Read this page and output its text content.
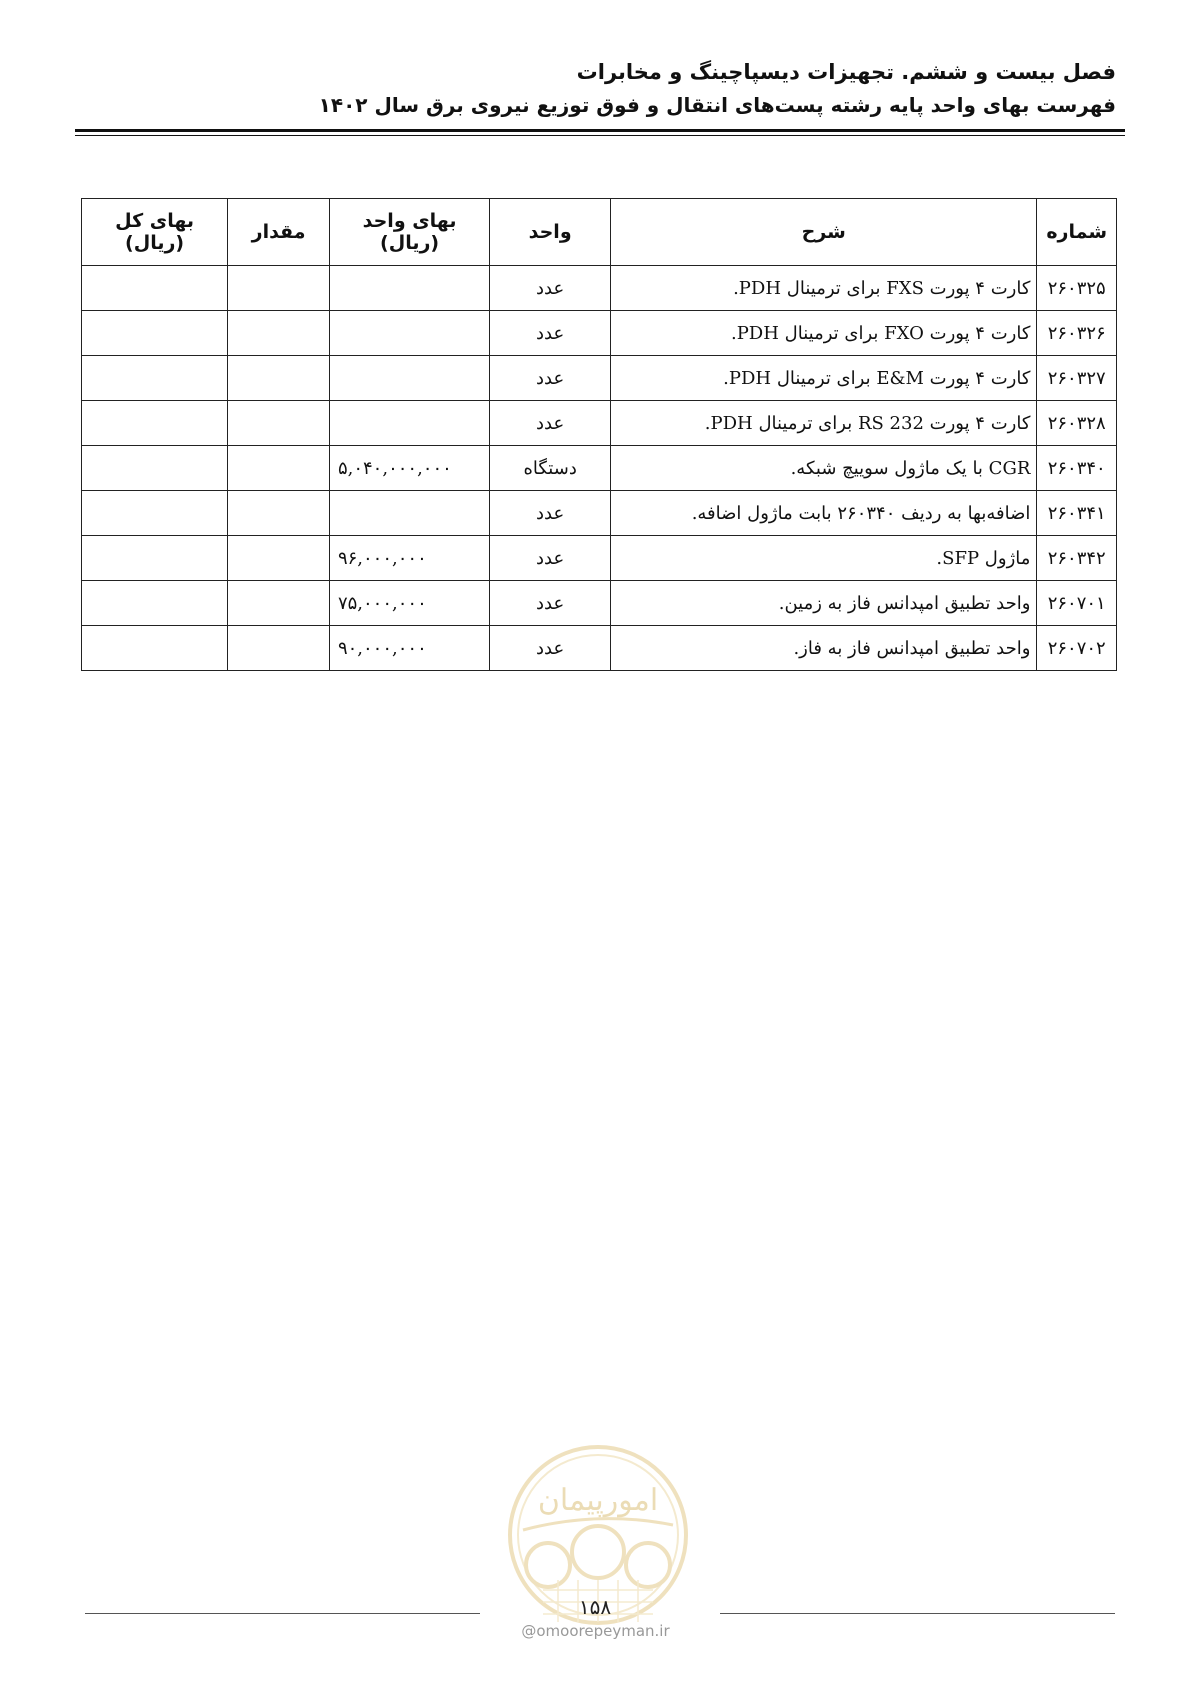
فصل بیست و ششم. تجهیزات دیسپاچینگ و مخابرات
فهرست بهای واحد پایه رشته پست‌های انتقال و فوق توزیع نیروی برق سال ۱۴۰۲
شماره	شرح	واحد	بهای واحد (ریال)	مقدار	بهای کل (ریال)
۲۶۰۳۲۵	کارت ۴ پورت FXS برای ترمینال PDH.	عدد			
۲۶۰۳۲۶	کارت ۴ پورت FXO برای ترمینال PDH.	عدد			
۲۶۰۳۲۷	کارت ۴ پورت E&M برای ترمینال PDH.	عدد			
۲۶۰۳۲۸	کارت ۴ پورت RS 232 برای ترمینال PDH.	عدد			
۲۶۰۳۴۰	CGR با یک ماژول سوییچ شبکه.	دستگاه	۵,۰۴۰,۰۰۰,۰۰۰		
۲۶۰۳۴۱	اضافه‌بها به ردیف ۲۶۰۳۴۰ بابت ماژول اضافه.	عدد			
۲۶۰۳۴۲	ماژول SFP.	عدد	۹۶,۰۰۰,۰۰۰		
۲۶۰۷۰۱	واحد تطبیق امپدانس فاز به زمین.	عدد	۷۵,۰۰۰,۰۰۰		
۲۶۰۷۰۲	واحد تطبیق امپدانس فاز به فاز.	عدد	۹۰,۰۰۰,۰۰۰		
امورپیمان
۱۵۸
@omoorepeyman.ir
